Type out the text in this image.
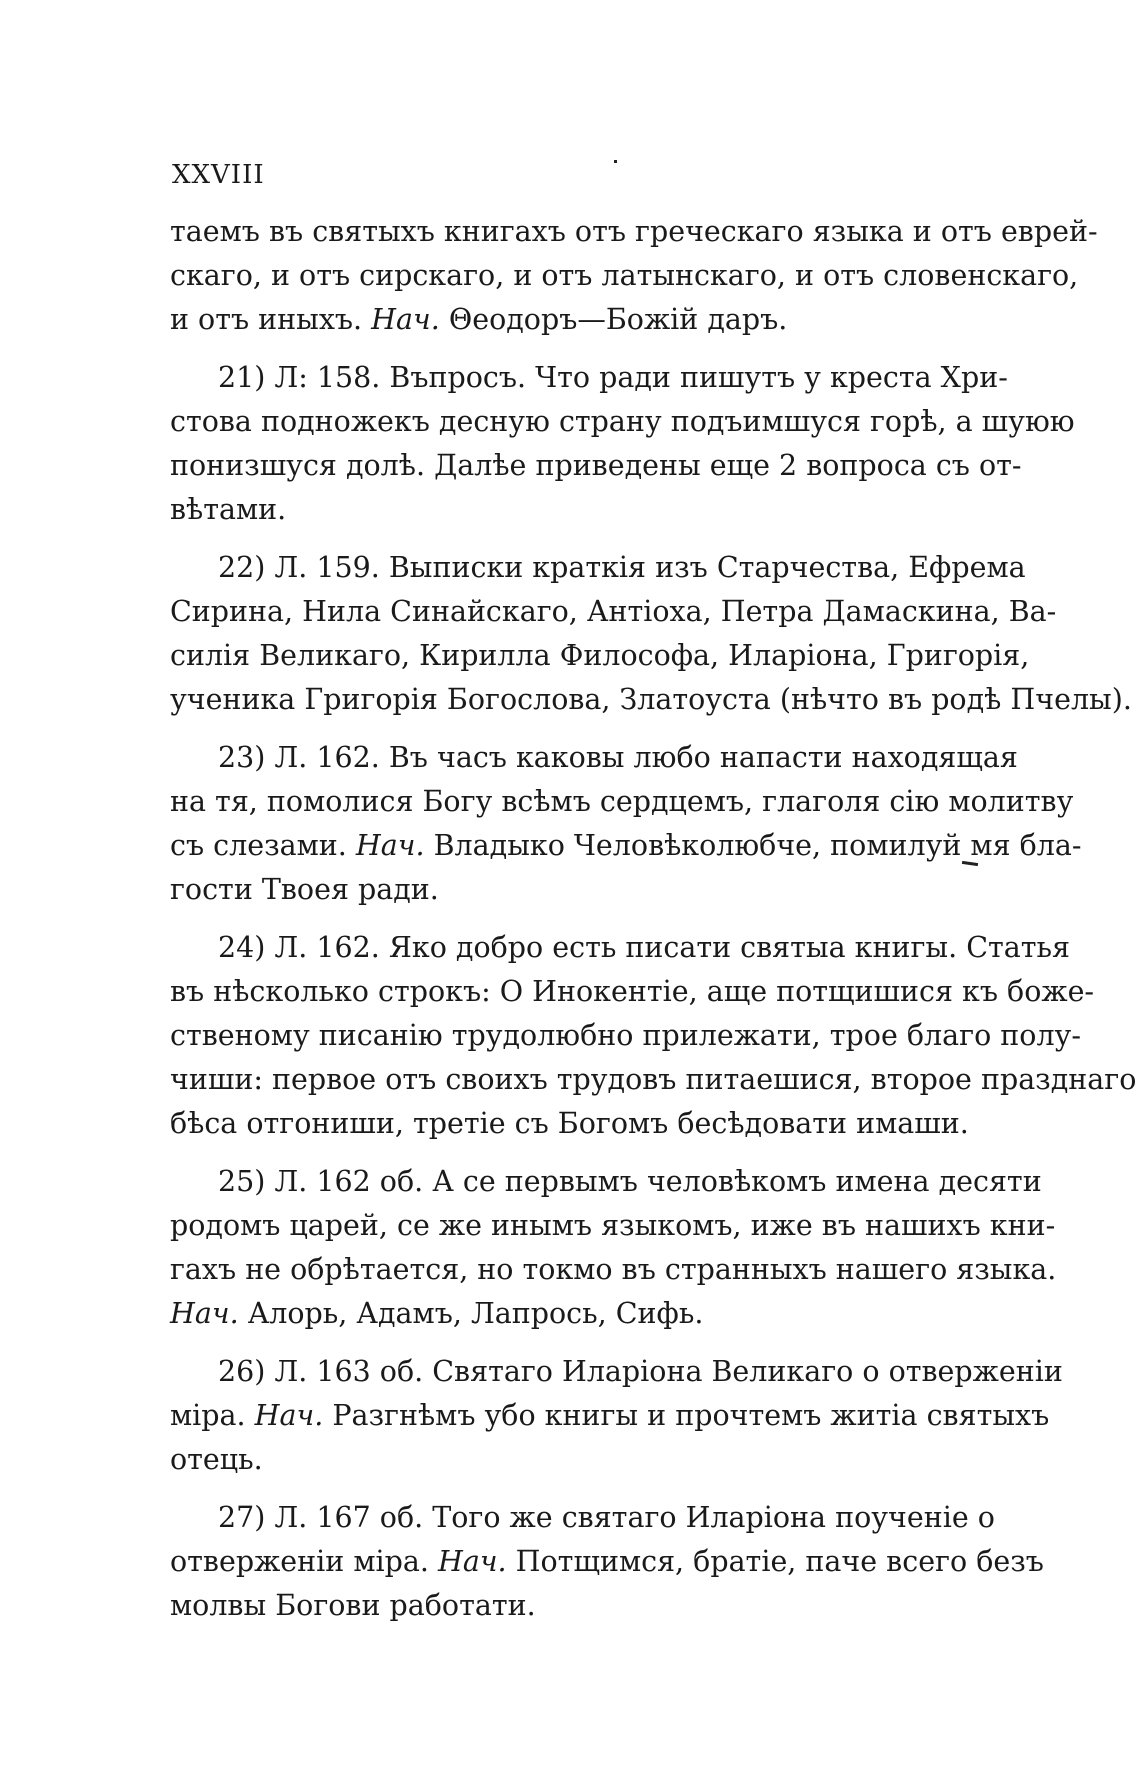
XXVIII
таемъ въ святыхъ книгахъ отъ греческаго языка и отъ еврей-
скаго, и отъ сирскаго, и отъ латынскаго, и отъ словенскаго,
и отъ иныхъ. Нач. Θеодоръ—Божій даръ.
21) Л: 158. Въпросъ. Что ради пишутъ у креста Хри-
стова подножекъ десную страну подъимшуся горѣ, а шуюю
понизшуся долѣ. Далѣе приведены еще 2 вопроса съ от-
вѣтами.
22) Л. 159. Выписки краткія изъ Старчества, Ефрема
Сирина, Нила Синайскаго, Антіоха, Петра Дамаскина, Ва-
силія Великаго, Кирилла Философа, Иларіона, Григорія,
ученика Григорія Богослова, Златоуста (нѣчто въ родѣ Пчелы).
23) Л. 162. Въ часъ каковы любо напасти находящая
на тя, помолися Богу всѣмъ сердцемъ, глаголя сію молитву
съ слезами. Нач. Владыко Человѣколюбче, помилуй мя бла-
гости Твоея ради.
24) Л. 162. Яко добро есть писати святыа книгы. Статья
въ нѣсколько строкъ: О Инокентіе, аще потщишися къ боже-
ственому писанію трудолюбно прилежати, трое благо полу-
чиши: первое отъ своихъ трудовъ питаешися, второе празднаго
бѣса отгониши, третіе съ Богомъ бесѣдовати имаши.
25) Л. 162 об. А се первымъ человѣкомъ имена десяти
родомъ царей, се же инымъ языкомъ, иже въ нашихъ кни-
гахъ не обрѣтается, но токмо въ странныхъ нашего языка.
Нач. Алорь, Адамъ, Лапрось, Сифь.
26) Л. 163 об. Святаго Иларіона Великаго о отверженіи
міра. Нач. Разгнѣмъ убо книгы и прочтемъ житіа святыхъ
отець.
27) Л. 167 об. Того же святаго Иларіона поученіе о
отверженіи міра. Нач. Потщимся, братіе, паче всего безъ
молвы Богови работати.
